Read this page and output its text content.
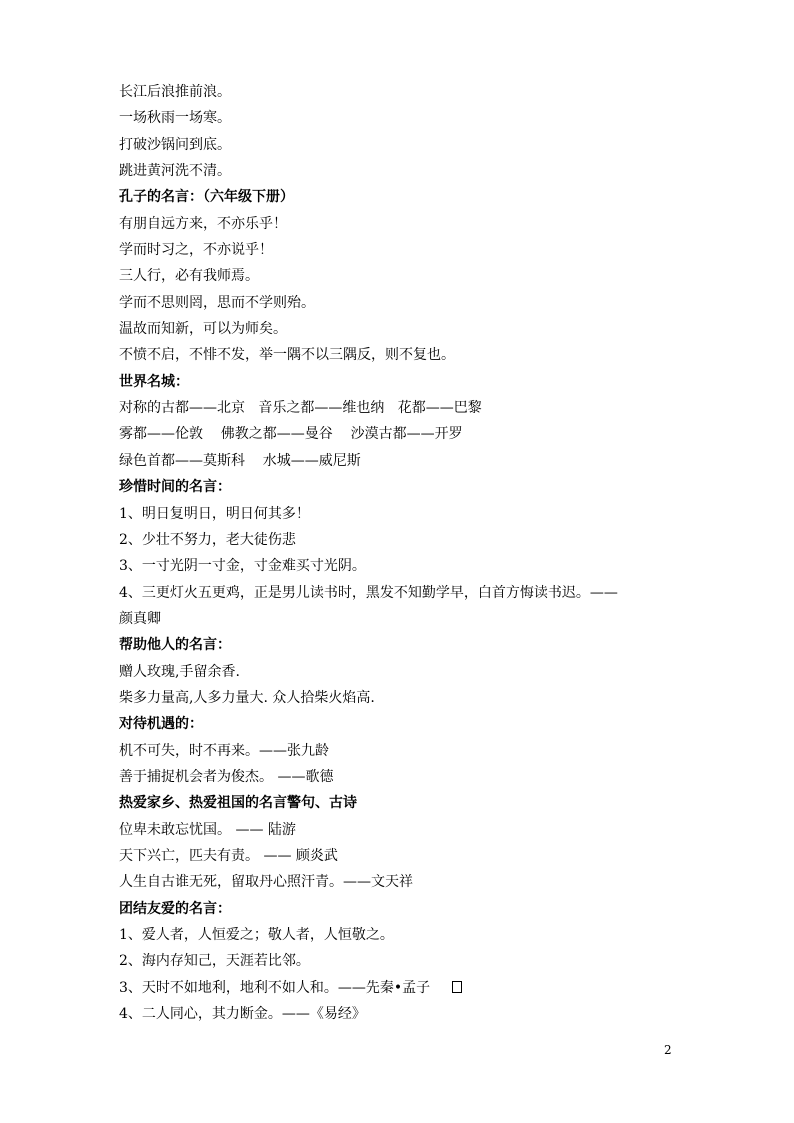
长江后浪推前浪。

一场秋雨一场寒。

打破沙锅问到底。

跳进黄河洗不清。

孔子的名言：（六年级下册）

有朋自远方来，不亦乐乎！

学而时习之，不亦说乎！

三人行，必有我师焉。

学而不思则罔，思而不学则殆。

温故而知新，可以为师矣。

不愤不启，不悱不发，举一隅不以三隅反，则不复也。

世界名城：

对称的古都——北京   音乐之都——维也纳   花都——巴黎

雾都——伦敦    佛教之都——曼谷    沙漠古都——开罗

绿色首都——莫斯科    水城——威尼斯

珍惜时间的名言：

1、明日复明日，明日何其多！

2、少壮不努力，老大徒伤悲

3、一寸光阴一寸金，寸金难买寸光阴。

4、三更灯火五更鸡，正是男儿读书时，黑发不知勤学早，白首方悔读书迟。——

颜真卿

帮助他人的名言：

赠人玫瑰,手留余香.

柴多力量高,人多力量大. 众人拾柴火焰高.

对待机遇的：

机不可失，时不再来。——张九龄

善于捕捉机会者为俊杰。 ——歌德

热爱家乡、热爱祖国的名言警句、古诗

位卑未敢忘忧国。 —— 陆游

天下兴亡，匹夫有责。 —— 顾炎武

人生自古谁无死，留取丹心照汗青。——文天祥

团结友爱的名言：

1、爱人者，人恒爱之；敬人者，人恒敬之。

2、海内存知己，天涯若比邻。

3、天时不如地利，地利不如人和。——先秦•孟子

4、二人同心，其力断金。——《易经》

2
